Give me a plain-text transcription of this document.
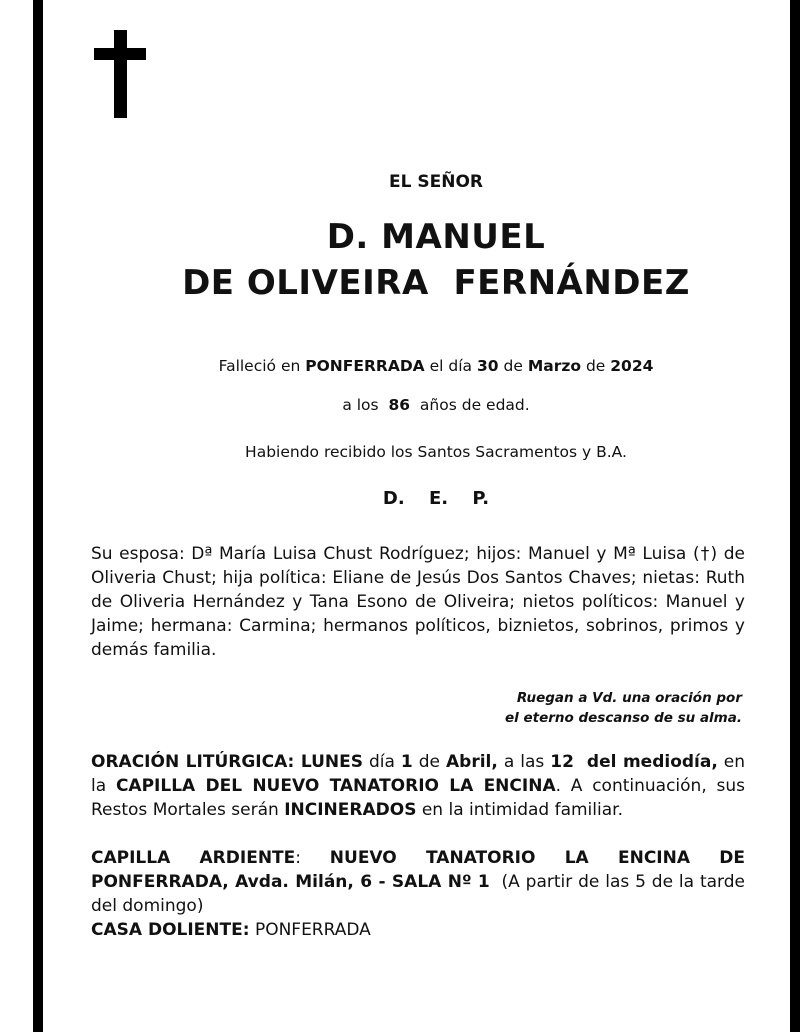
EL SEÑOR
D. MANUEL
DE OLIVEIRA  FERNÁNDEZ
Falleció en PONFERRADA el día 30 de Marzo de 2024
a los 86 años de edad.
Habiendo recibido los Santos Sacramentos y B.A.
D. E. P.
Su esposa: Dª María Luisa Chust Rodríguez; hijos: Manuel y Mª Luisa (†) de Oliveria Chust; hija política: Eliane de Jesús Dos Santos Chaves; nietas: Ruth de Oliveria Hernández y Tana Esono de Oliveira; nietos políticos: Manuel y Jaime; hermana: Carmina; hermanos políticos, biznietos, sobrinos, primos y demás familia.
Ruegan a Vd. una oración por
el eterno descanso de su alma.
ORACIÓN LITÚRGICA: LUNES día 1 de Abril, a las 12  del mediodía, en la CAPILLA DEL NUEVO TANATORIO LA ENCINA. A continuación, sus Restos Mortales serán INCINERADOS en la intimidad familiar.
CAPILLA ARDIENTE: NUEVO TANATORIO LA ENCINA DE PONFERRADA, Avda. Milán, 6 - SALA Nº 1 (A partir de las 5 de la tarde del domingo)
CASA DOLIENTE: PONFERRADA
